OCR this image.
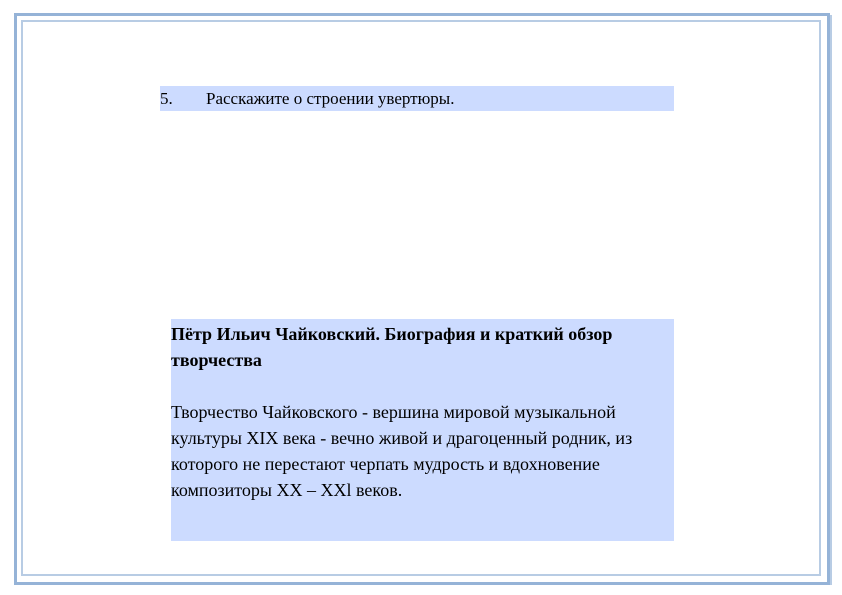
5.	Расскажите о строении увертюры.

Пётр Ильич Чайковский. Биография и краткий обзор творчества

Творчество Чайковского - вершина мировой музыкальной культуры XIX века - вечно живой и драгоценный родник, из которого не перестают черпать мудрость и вдохновение композиторы XX – XXl веков.
